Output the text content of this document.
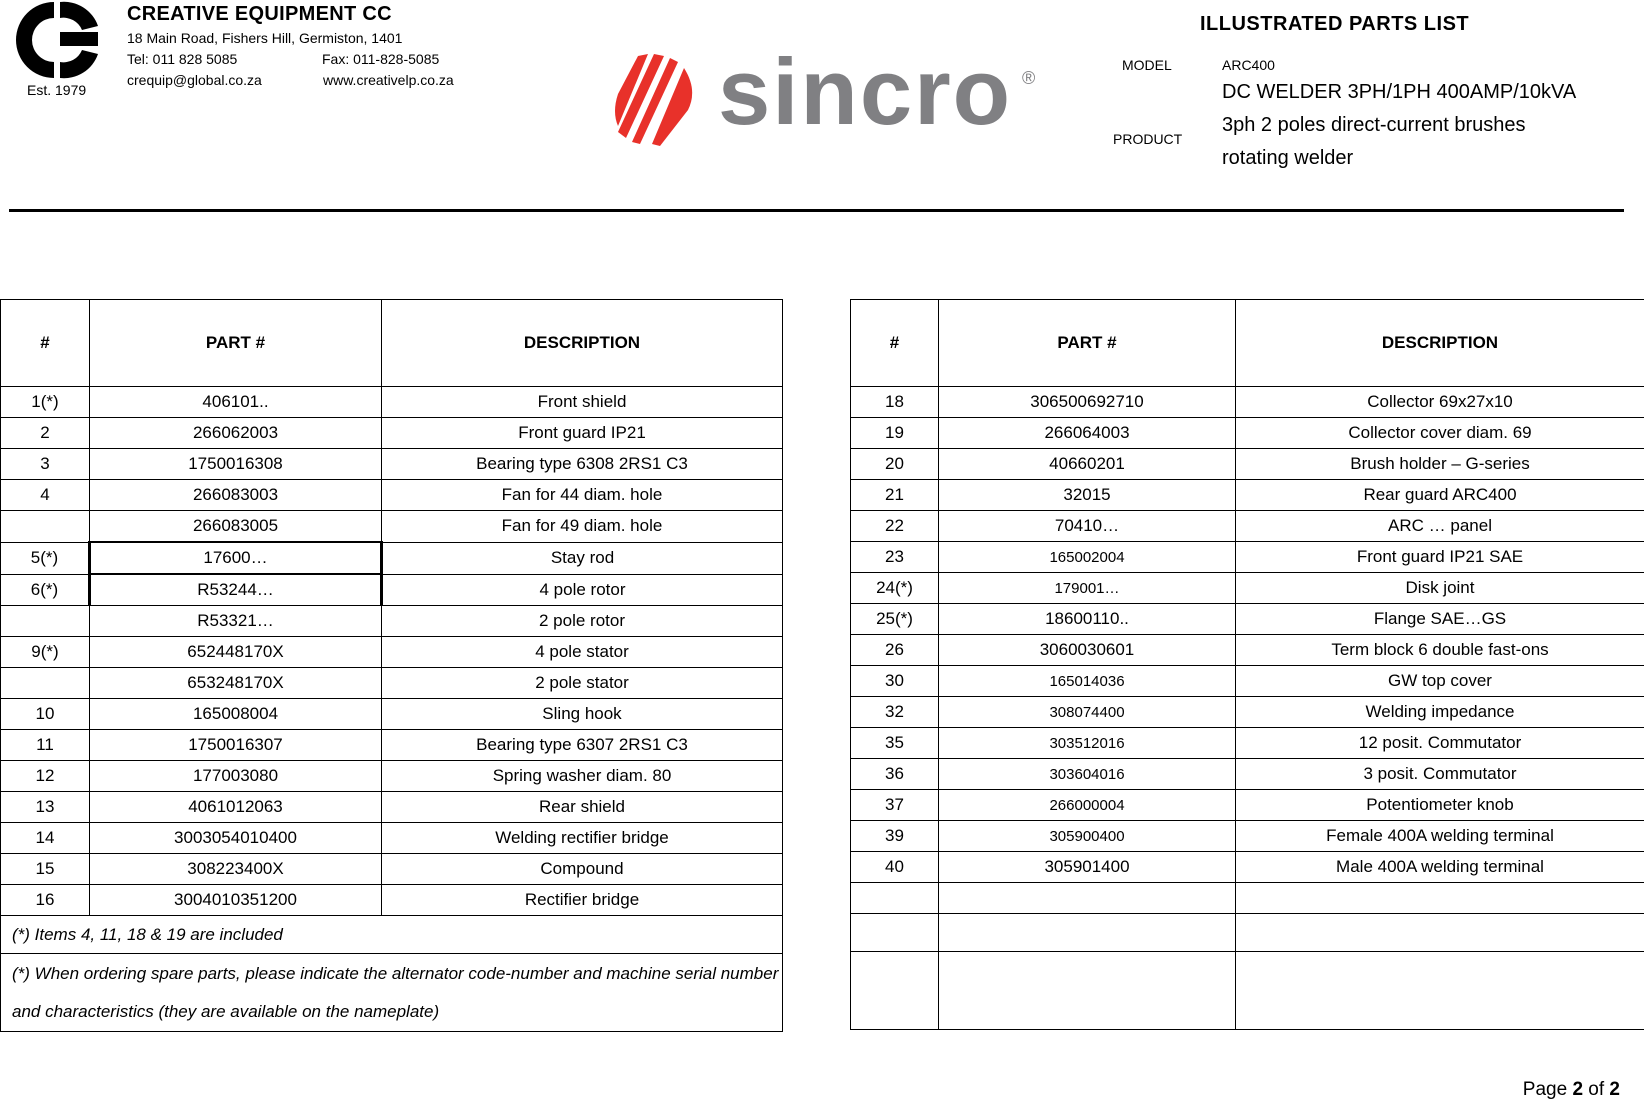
Est. 1979
CREATIVE EQUIPMENT CC
18 Main Road, Fishers Hill, Germiston, 1401
Tel: 011 828 5085	Fax: 011-828-5085
crequip@global.co.za	www.creativelp.co.za	sincro ®
ILLUSTRATED PARTS LIST
MODEL	ARC400
PRODUCT
DC WELDER 3PH/1PH 400AMP/10kVA
3ph 2 poles direct-current brushes
rotating welder
#	PART #	DESCRIPTION
1(*)	406101..	Front shield
2	266062003	Front guard IP21
3	1750016308	Bearing type 6308 2RS1 C3
4	266083003	Fan for 44 diam. hole
	266083005	Fan for 49 diam. hole
5(*)	17600…	Stay rod
6(*)	R53244…	4 pole rotor
	R53321…	2 pole rotor
9(*)	652448170X	4 pole stator
	653248170X	2 pole stator
10	165008004	Sling hook
11	1750016307	Bearing type 6307 2RS1 C3
12	177003080	Spring washer diam. 80
13	4061012063	Rear shield
14	3003054010400	Welding rectifier bridge
15	308223400X	Compound
16	3004010351200	Rectifier bridge
(*) Items 4, 11, 18 & 19 are included		
(*) When ordering spare parts, please indicate the alternator code-number and machine serial number and characteristics (they are available on the nameplate)		
#	PART #	DESCRIPTION
18	306500692710	Collector 69x27x10
19	266064003	Collector cover diam. 69
20	40660201	Brush holder – G-series
21	32015	Rear guard ARC400
22	70410…	ARC … panel
23	165002004	Front guard IP21 SAE
24(*)	179001…	Disk joint
25(*)	18600110..	Flange SAE…GS
26	3060030601	Term block 6 double fast-ons
30	165014036	GW top cover
32	308074400	Welding impedance
35	303512016	12 posit. Commutator
36	303604016	3 posit. Commutator
37	266000004	Potentiometer knob
39	305900400	Female 400A welding terminal
40	305901400	Male 400A welding terminal

Page 2 of 2
